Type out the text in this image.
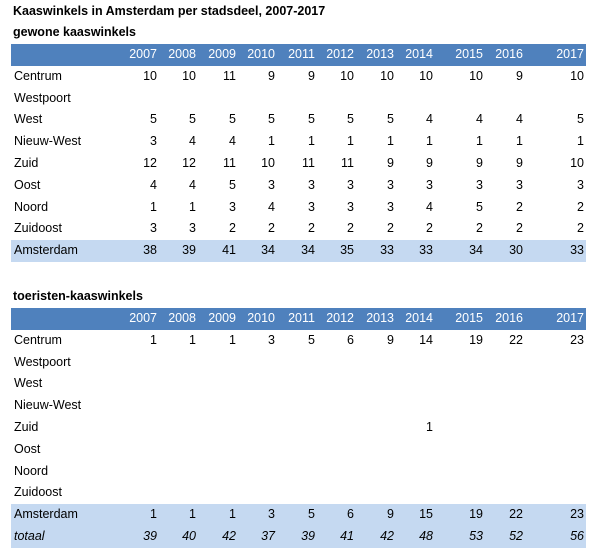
Kaaswinkels in Amsterdam per stadsdeel, 2007-2017
gewone kaaswinkels
	2007	2008	2009	2010	2011	2012	2013	2014	2015	2016	2017
Centrum	10	10	11	9	9	10	10	10	10	9	10
Westpoort											
West	5	5	5	5	5	5	5	4	4	4	5
Nieuw-West	3	4	4	1	1	1	1	1	1	1	1
Zuid	12	12	11	10	11	11	9	9	9	9	10
Oost	4	4	5	3	3	3	3	3	3	3	3
Noord	1	1	3	4	3	3	3	4	5	2	2
Zuidoost	3	3	2	2	2	2	2	2	2	2	2
Amsterdam	38	39	41	34	34	35	33	33	34	30	33
toeristen-kaaswinkels
	2007	2008	2009	2010	2011	2012	2013	2014	2015	2016	2017
Centrum	1	1	1	3	5	6	9	14	19	22	23
Westpoort											
West											
Nieuw-West											
Zuid								1			
Oost											
Noord											
Zuidoost											
Amsterdam	1	1	1	3	5	6	9	15	19	22	23
totaal	39	40	42	37	39	41	42	48	53	52	56
